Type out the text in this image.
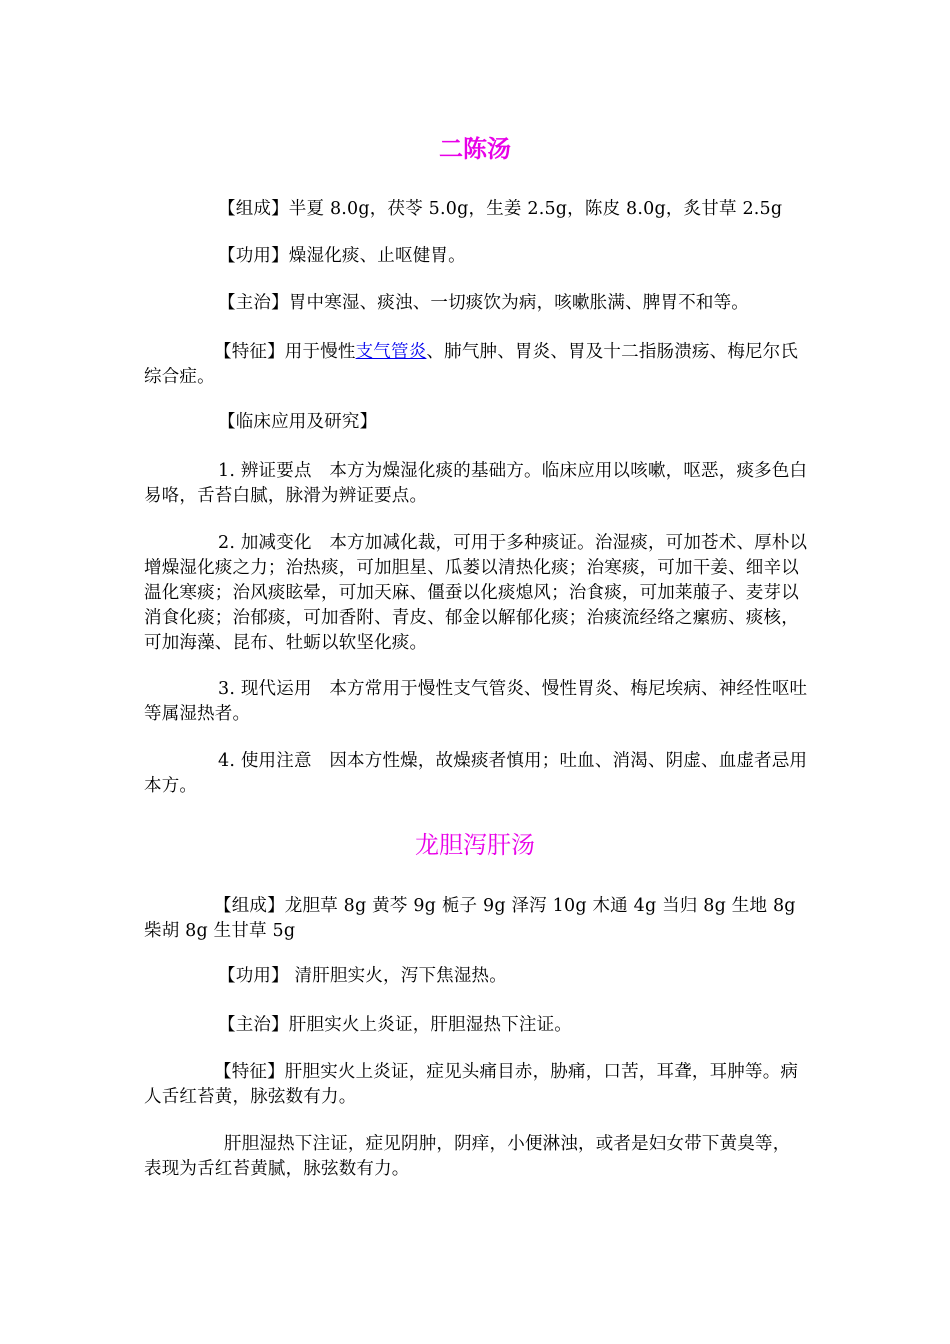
二陈汤
【组成】半夏 8.0g，茯苓 5.0g，生姜 2.5g，陈皮 8.0g，炙甘草 2.5g
【功用】燥湿化痰、止呕健胃。
【主治】胃中寒湿、痰浊、一切痰饮为病，咳嗽胀满、脾胃不和等。
【特征】用于慢性支气管炎、肺气肿、胃炎、胃及十二指肠溃疡、梅尼尔氏综合症。
【临床应用及研究】
1. 辨证要点　本方为燥湿化痰的基础方。临床应用以咳嗽，呕恶，痰多色白易咯，舌苔白腻，脉滑为辨证要点。
2. 加减变化　本方加减化裁，可用于多种痰证。治湿痰，可加苍术、厚朴以增燥湿化痰之力；治热痰，可加胆星、瓜蒌以清热化痰；治寒痰，可加干姜、细辛以温化寒痰；治风痰眩晕，可加天麻、僵蚕以化痰熄风；治食痰，可加莱菔子、麦芽以消食化痰；治郁痰，可加香附、青皮、郁金以解郁化痰；治痰流经络之瘰疬、痰核，可加海藻、昆布、牡蛎以软坚化痰。
3. 现代运用　本方常用于慢性支气管炎、慢性胃炎、梅尼埃病、神经性呕吐等属湿热者。
4. 使用注意　因本方性燥，故燥痰者慎用；吐血、消渴、阴虚、血虚者忌用本方。
龙胆泻肝汤
【组成】龙胆草 8g 黄芩 9g 栀子 9g 泽泻 10g 木通 4g 当归 8g 生地 8g 柴胡 8g 生甘草 5g
【功用】 清肝胆实火，泻下焦湿热。
【主治】肝胆实火上炎证，肝胆湿热下注证。
【特征】肝胆实火上炎证，症见头痛目赤，胁痛，口苦，耳聋，耳肿等。病人舌红苔黄，脉弦数有力。
肝胆湿热下注证，症见阴肿，阴痒，小便淋浊，或者是妇女带下黄臭等，表现为舌红苔黄腻，脉弦数有力。
